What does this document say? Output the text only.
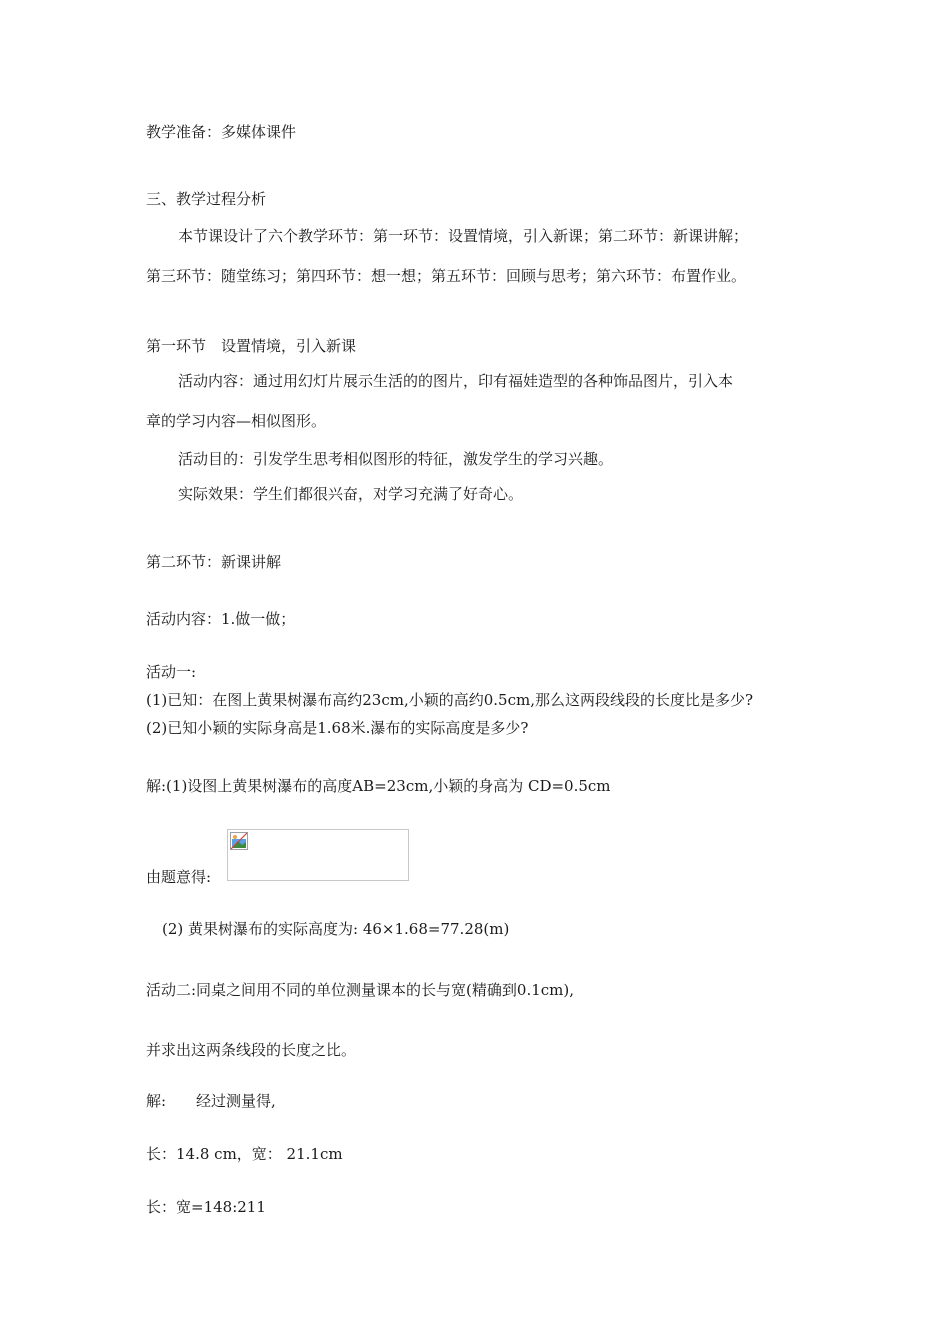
教学准备：多媒体课件
三、教学过程分析
本节课设计了六个教学环节：第一环节：设置情境，引入新课；第二环节：新课讲解；
第三环节：随堂练习；第四环节：想一想；第五环节：回顾与思考；第六环节：布置作业。
第一环节　设置情境，引入新课
活动内容：通过用幻灯片展示生活的的图片，印有福娃造型的各种饰品图片，引入本
章的学习内容—相似图形。
活动目的：引发学生思考相似图形的特征，激发学生的学习兴趣。
实际效果：学生们都很兴奋，对学习充满了好奇心。
第二环节：新课讲解
活动内容：1.做一做；
活动一:
(1)已知：在图上黄果树瀑布高约23cm,小颖的高约0.5cm,那么这两段线段的长度比是多少?
(2)已知小颖的实际身高是1.68米.瀑布的实际高度是多少?
解:(1)设图上黄果树瀑布的高度AB=23cm,小颖的身高为 CD=0.5cm
由题意得:
(2) 黄果树瀑布的实际高度为: 46×1.68=77.28(m)
活动二:同桌之间用不同的单位测量课本的长与宽(精确到0.1cm),
并求出这两条线段的长度之比。
解:　　经过测量得,
长：14.8 cm，宽： 21.1cm
长：宽=148:211
